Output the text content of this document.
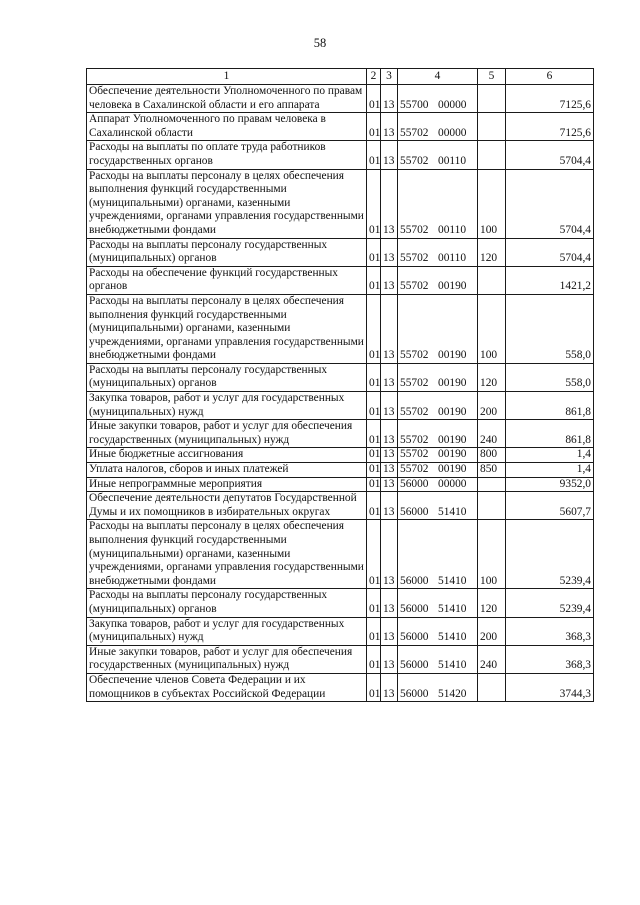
58
1	2	3	4	5	6
Обеспечение деятельности Уполномоченного по правам человека в Сахалинской области и его аппарата	01	13	55700 00000		7125,6
Аппарат Уполномоченного по правам человека в Сахалинской области	01	13	55702 00000		7125,6
Расходы на выплаты по оплате труда работников государственных органов	01	13	55702 00110		5704,4
Расходы на выплаты персоналу в целях обеспечения выполнения функций государственными (муниципальными) органами, казенными учреждениями, органами управления государственными внебюджетными фондами	01	13	55702 00110	100	5704,4
Расходы на выплаты персоналу государственных (муниципальных) органов	01	13	55702 00110	120	5704,4
Расходы на обеспечение функций государственных органов	01	13	55702 00190		1421,2
Расходы на выплаты персоналу в целях обеспечения выполнения функций государственными (муниципальными) органами, казенными учреждениями, органами управления государственными внебюджетными фондами	01	13	55702 00190	100	558,0
Расходы на выплаты персоналу государственных (муниципальных) органов	01	13	55702 00190	120	558,0
Закупка товаров, работ и услуг для государственных (муниципальных) нужд	01	13	55702 00190	200	861,8
Иные закупки товаров, работ и услуг для обеспечения государственных (муниципальных) нужд	01	13	55702 00190	240	861,8
Иные бюджетные ассигнования	01	13	55702 00190	800	1,4
Уплата налогов, сборов и иных платежей	01	13	55702 00190	850	1,4
Иные непрограммные мероприятия	01	13	56000 00000		9352,0
Обеспечение деятельности депутатов Государственной Думы и их помощников в избирательных округах	01	13	56000 51410		5607,7
Расходы на выплаты персоналу в целях обеспечения выполнения функций государственными (муниципальными) органами, казенными учреждениями, органами управления государственными внебюджетными фондами	01	13	56000 51410	100	5239,4
Расходы на выплаты персоналу государственных (муниципальных) органов	01	13	56000 51410	120	5239,4
Закупка товаров, работ и услуг для государственных (муниципальных) нужд	01	13	56000 51410	200	368,3
Иные закупки товаров, работ и услуг для обеспечения государственных (муниципальных) нужд	01	13	56000 51410	240	368,3
Обеспечение членов Совета Федерации и их помощников в субъектах Российской Федерации	01	13	56000 51420		3744,3
